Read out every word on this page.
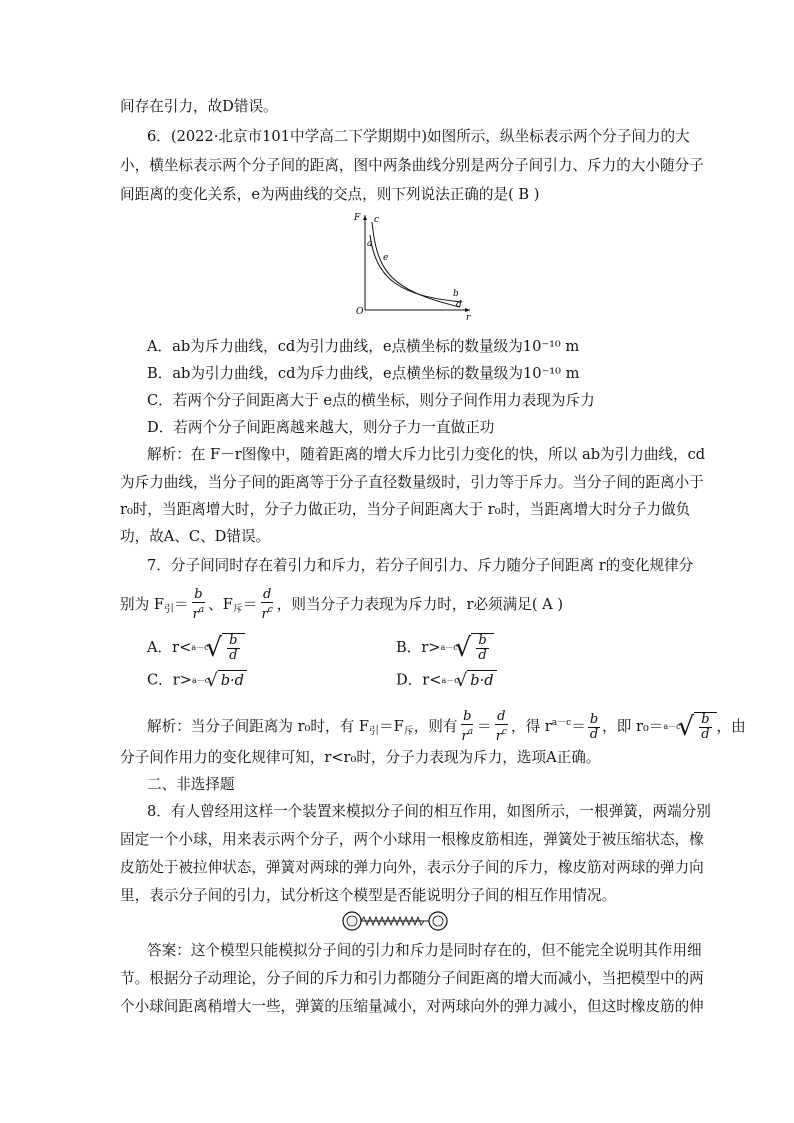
间存在引力，故D错误。
6．(2022·北京市101中学高二下学期期中)如图所示，纵坐标表示两个分子间力的大
小，横坐标表示两个分子间的距离，图中两条曲线分别是两分子间引力、斥力的大小随分子
间距离的变化关系，e为两曲线的交点，则下列说法正确的是( B )
F
r
O
c
a
e
b
d
A．ab为斥力曲线，cd为引力曲线，e点横坐标的数量级为10⁻¹⁰ m
B．ab为引力曲线，cd为斥力曲线，e点横坐标的数量级为10⁻¹⁰ m
C．若两个分子间距离大于 e点的横坐标，则分子间作用力表现为斥力
D．若两个分子间距离越来越大，则分子力一直做正功
解析：在 F－r图像中，随着距离的增大斥力比引力变化的快，所以 ab为引力曲线，cd
为斥力曲线，当分子间的距离等于分子直径数量级时，引力等于斥力。当分子间的距离小于
r₀时，当距离增大时，分子力做正功，当分子间距离大于 r₀时，当距离增大时分子力做负
功，故A、C、D错误。
7．分子间同时存在着引力和斥力，若分子间引力、斥力随分子间距离 r的变化规律分
别为 $F_引= \frac{b}{r^a}$ 、$F_斥= \frac{d}{r^c}$ ，则当分子力表现为斥力时，r必须满足( A )
A．r< a－c
√ $\frac{b}{d}$	B．r> a－c
√ $\frac{b}{d}$
C．r> a－c
√ b·d	D．r< a－c
√ b·d
解析：当分子间距离为 r₀时，有 $F_引=F_斥$，则有 $\frac{b}{r^a} = \frac{d}{r^c}$ ，得 $r^{a-c}= \frac{b}{d}$ ，即 r₀＝ a－c
√ $\frac{b}{d}$ ，由
分子间作用力的变化规律可知，r<r₀时，分子力表现为斥力，选项A正确。
二、非选择题
8．有人曾经用这样一个装置来模拟分子间的相互作用，如图所示，一根弹簧，两端分别
固定一个小球，用来表示两个分子，两个小球用一根橡皮筋相连，弹簧处于被压缩状态，橡
皮筋处于被拉伸状态，弹簧对两球的弹力向外，表示分子间的斥力，橡皮筋对两球的弹力向
里，表示分子间的引力，试分析这个模型是否能说明分子间的相互作用情况。
答案：这个模型只能模拟分子间的引力和斥力是同时存在的，但不能完全说明其作用细
节。根据分子动理论，分子间的斥力和引力都随分子间距离的增大而减小，当把模型中的两
个小球间距离稍增大一些，弹簧的压缩量减小，对两球向外的弹力减小，但这时橡皮筋的伸
